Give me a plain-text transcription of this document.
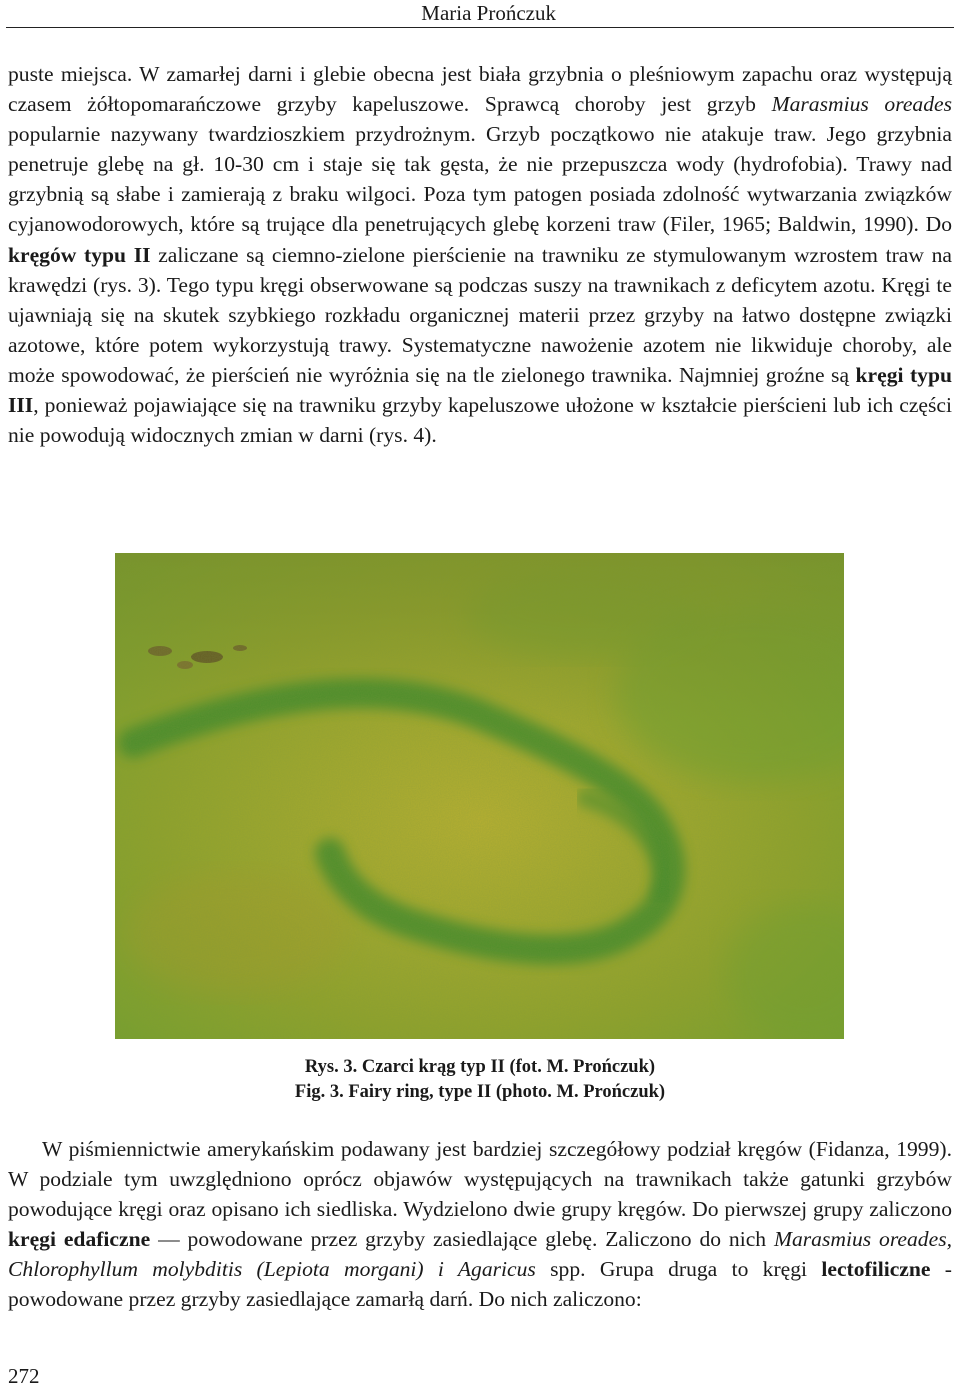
Maria Prończuk

puste miejsca. W zamarłej darni i glebie obecna jest biała grzybnia o pleśniowym zapachu oraz występują czasem żółtopomarańczowe grzyby kapeluszowe. Sprawcą choroby jest grzyb Marasmius oreades popularnie nazywany twardzioszkiem przydrożnym. Grzyb początkowo nie atakuje traw. Jego grzybnia penetruje glebę na gł. 10-30 cm i staje się tak gęsta, że nie przepuszcza wody (hydrofobia). Trawy nad grzybnią są słabe i zamierają z braku wilgoci. Poza tym patogen posiada zdolność wytwarzania związków cyjanowodorowych, które są trujące dla penetrujących glebę korzeni traw (Filer, 1965; Baldwin, 1990). Do kręgów typu II zaliczane są ciemno-zielone pierścienie na trawniku ze stymulowanym wzrostem traw na krawędzi (rys. 3). Tego typu kręgi obserwowane są podczas suszy na trawnikach z deficytem azotu. Kręgi te ujawniają się na skutek szybkiego rozkładu organicznej materii przez grzyby na łatwo dostępne związki azotowe, które potem wykorzystują trawy. Systematyczne nawożenie azotem nie likwiduje choroby, ale może spowodować, że pierścień nie wyróżnia się na tle zielonego trawnika. Najmniej groźne są kręgi typu III, ponieważ pojawiające się na trawniku grzyby kapeluszowe ułożone w kształcie pierścieni lub ich części nie powodują widocznych zmian w darni (rys. 4).

Rys. 3. Czarci krąg typ II (fot. M. Prończuk)
Fig. 3. Fairy ring, type II (photo. M. Prończuk)

W piśmiennictwie amerykańskim podawany jest bardziej szczegółowy podział kręgów (Fidanza, 1999). W podziale tym uwzględniono oprócz objawów występujących na trawnikach także gatunki grzybów powodujące kręgi oraz opisano ich siedliska. Wydzielono dwie grupy kręgów. Do pierwszej grupy zaliczono kręgi edaficzne — powodowane przez grzyby zasiedlające glebę. Zaliczono do nich Marasmius oreades, Chlorophyllum molybditis (Lepiota morgani) i Agaricus spp. Grupa druga to kręgi lectofiliczne - powodowane przez grzyby zasiedlające zamarłą darń. Do nich zaliczono:

272
